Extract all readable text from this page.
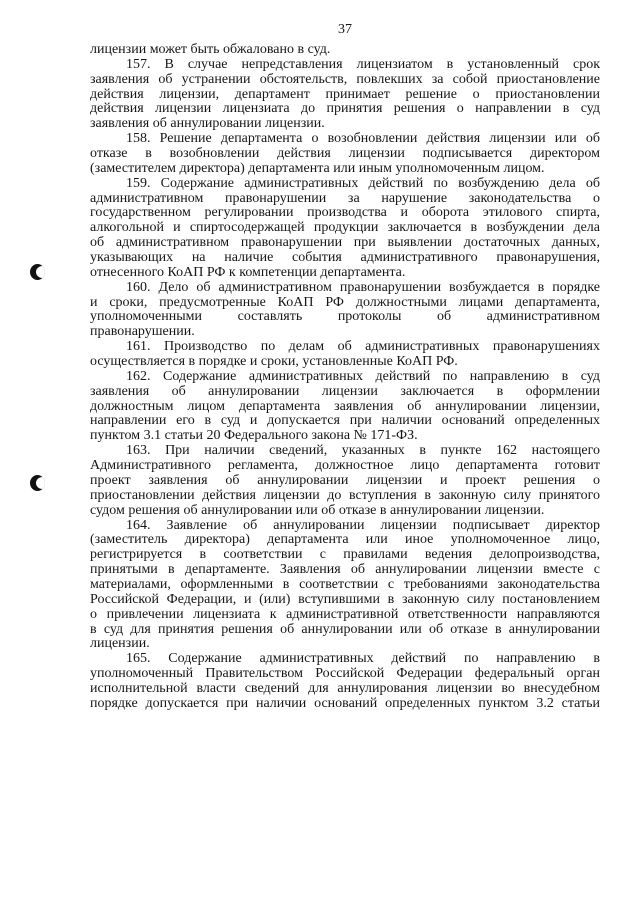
37
лицензии может быть обжаловано в суд.
157. В случае непредставления лицензиатом в установленный срок
заявления об устранении обстоятельств, повлекших за собой приостановление
действия лицензии, департамент принимает решение о приостановлении
действия лицензии лицензиата до принятия решения о направлении в суд
заявления об аннулировании лицензии.
158. Решение департамента о возобновлении действия лицензии или об
отказе в возобновлении действия лицензии подписывается директором
(заместителем директора) департамента или иным уполномоченным лицом.
159. Содержание административных действий по возбуждению дела об
административном правонарушении за нарушение законодательства о
государственном регулировании производства и оборота этилового спирта,
алкогольной и спиртосодержащей продукции заключается в возбуждении дела
об административном правонарушении при выявлении достаточных данных,
указывающих на наличие события административного правонарушения,
отнесенного КоАП РФ к компетенции департамента.
160. Дело об административном правонарушении возбуждается в порядке
и сроки, предусмотренные КоАП РФ должностными лицами департамента,
уполномоченными составлять протоколы об административном
правонарушении.
161. Производство по делам об административных правонарушениях
осуществляется в порядке и сроки, установленные КоАП РФ.
162. Содержание административных действий по направлению в суд
заявления об аннулировании лицензии заключается в оформлении
должностным лицом департамента заявления об аннулировании лицензии,
направлении его в суд и допускается при наличии оснований определенных
пунктом 3.1 статьи 20 Федерального закона № 171-ФЗ.
163. При наличии сведений, указанных в пункте 162 настоящего
Административного регламента, должностное лицо департамента готовит
проект заявления об аннулировании лицензии и проект решения о
приостановлении действия лицензии до вступления в законную силу принятого
судом решения об аннулировании или об отказе в аннулировании лицензии.
164. Заявление об аннулировании лицензии подписывает директор
(заместитель директора) департамента или иное уполномоченное лицо,
регистрируется в соответствии с правилами ведения делопроизводства,
принятыми в департаменте. Заявления об аннулировании лицензии вместе с
материалами, оформленными в соответствии с требованиями законодательства
Российской Федерации, и (или) вступившими в законную силу постановлением
о привлечении лицензиата к административной ответственности направляются
в суд для принятия решения об аннулировании или об отказе в аннулировании
лицензии.
165. Содержание административных действий по направлению в
уполномоченный Правительством Российской Федерации федеральный орган
исполнительной власти сведений для аннулирования лицензии во внесудебном
порядке допускается при наличии оснований определенных пунктом 3.2 статьи
